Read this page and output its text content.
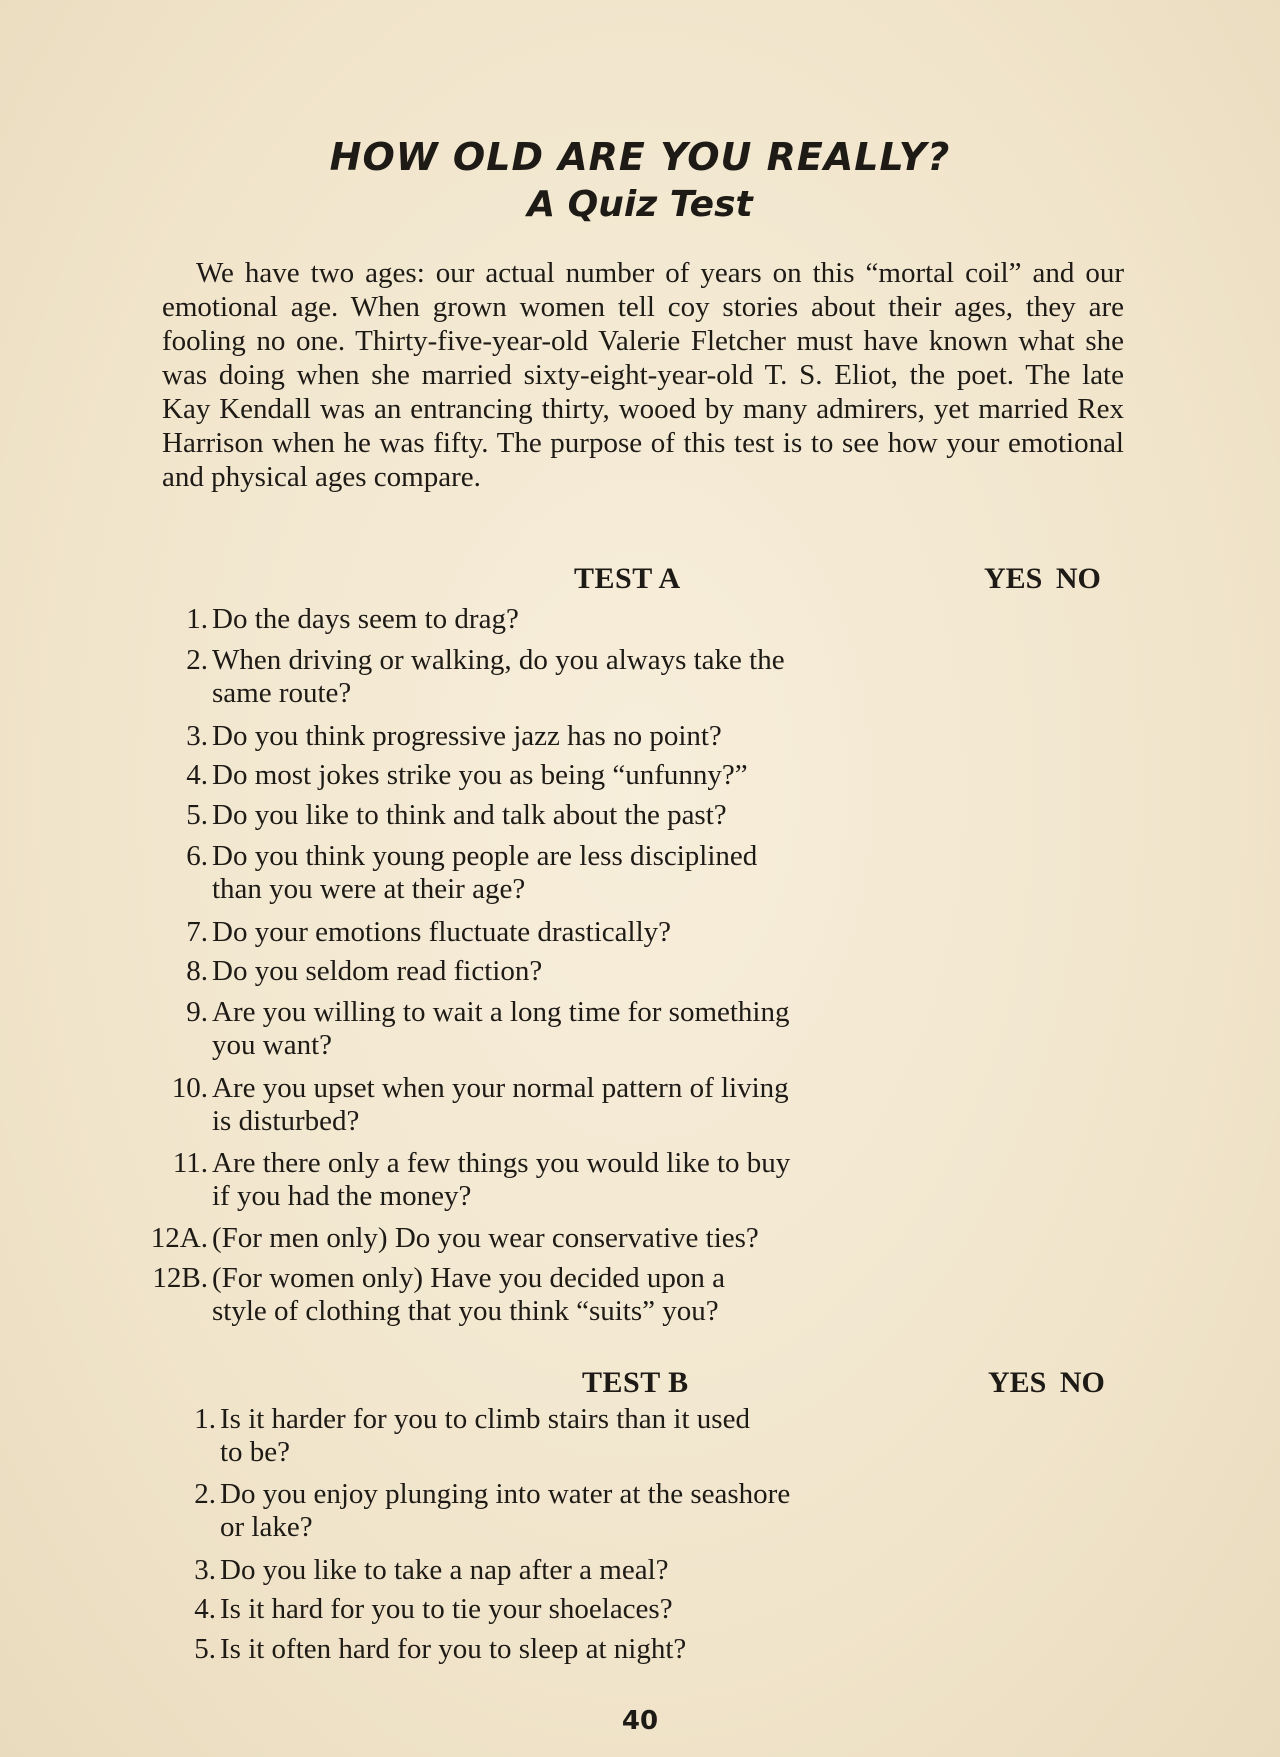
HOW OLD ARE YOU REALLY?
A Quiz Test

We have two ages: our actual number of years on this “mortal coil” and our emotional age. When grown women tell coy stories about their ages, they are fooling no one. Thirty-five-year-old Valerie Fletcher must have known what she was doing when she married sixty-eight-year-old T. S. Eliot, the poet. The late Kay Kendall was an entrancing thirty, wooed by many admirers, yet married Rex Harrison when he was fifty. The purpose of this test is to see how your emotional and physical ages compare.

TEST A	YES NO

1. Do the days seem to drag?

2. When driving or walking, do you always take the
same route?

3. Do you think progressive jazz has no point?

4. Do most jokes strike you as being “unfunny?”

5. Do you like to think and talk about the past?

6. Do you think young people are less disciplined
than you were at their age?

7. Do your emotions fluctuate drastically?

8. Do you seldom read fiction?

9. Are you willing to wait a long time for something
you want?

10. Are you upset when your normal pattern of living
is disturbed?

11. Are there only a few things you would like to buy
if you had the money?

12A. (For men only) Do you wear conservative ties?

12B. (For women only) Have you decided upon a
style of clothing that you think “suits” you?

TEST B	YES NO

1. Is it harder for you to climb stairs than it used
to be?

2. Do you enjoy plunging into water at the seashore
or lake?

3. Do you like to take a nap after a meal?

4. Is it hard for you to tie your shoelaces?

5. Is it often hard for you to sleep at night?

40
